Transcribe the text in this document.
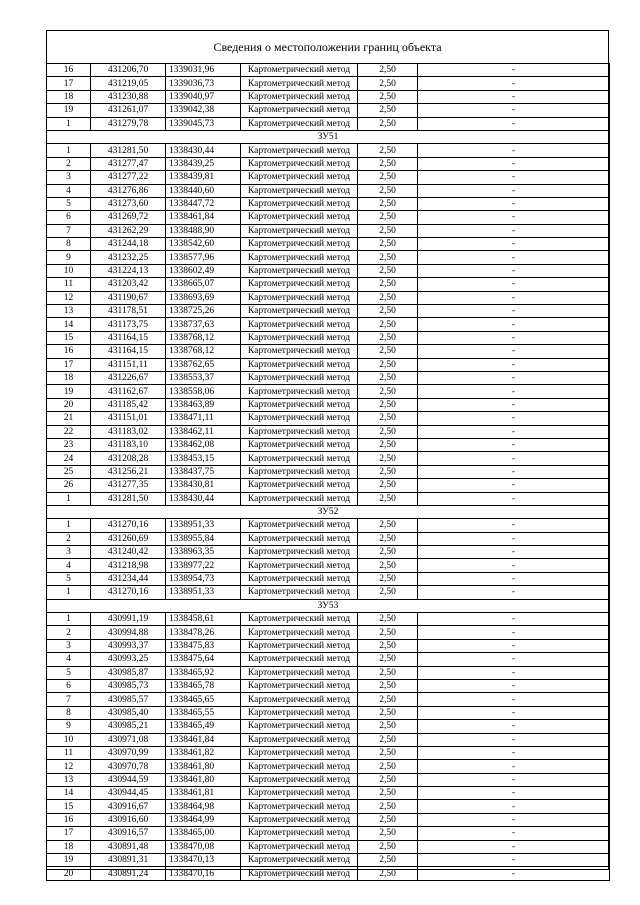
Сведения о местоположении границ объекта
16	431206,70	1339031,96	Картометрический метод	2,50	-
17	431219,05	1339036,73	Картометрический метод	2,50	-
18	431230,88	1339040,97	Картометрический метод	2,50	-
19	431261,07	1339042,38	Картометрический метод	2,50	-
1	431279,78	1339045,73	Картометрический метод	2,50	-
ЗУ51					
1	431281,50	1338430,44	Картометрический метод	2,50	-
2	431277,47	1338439,25	Картометрический метод	2,50	-
3	431277,22	1338439,81	Картометрический метод	2,50	-
4	431276,86	1338440,60	Картометрический метод	2,50	-
5	431273,60	1338447,72	Картометрический метод	2,50	-
6	431269,72	1338461,84	Картометрический метод	2,50	-
7	431262,29	1338488,90	Картометрический метод	2,50	-
8	431244,18	1338542,60	Картометрический метод	2,50	-
9	431232,25	1338577,96	Картометрический метод	2,50	-
10	431224,13	1338602,49	Картометрический метод	2,50	-
11	431203,42	1338665,07	Картометрический метод	2,50	-
12	431190,67	1338693,69	Картометрический метод	2,50	-
13	431178,51	1338725,26	Картометрический метод	2,50	-
14	431173,75	1338737,63	Картометрический метод	2,50	-
15	431164,15	1338768,12	Картометрический метод	2,50	-
16	431164,15	1338768,12	Картометрический метод	2,50	-
17	431151,11	1338762,65	Картометрический метод	2,50	-
18	431226,67	1338553,37	Картометрический метод	2,50	-
19	431162,67	1338558,06	Картометрический метод	2,50	-
20	431185,42	1338463,89	Картометрический метод	2,50	-
21	431151,01	1338471,11	Картометрический метод	2,50	-
22	431183,02	1338462,11	Картометрический метод	2,50	-
23	431183,10	1338462,08	Картометрический метод	2,50	-
24	431208,28	1338453,15	Картометрический метод	2,50	-
25	431256,21	1338437,75	Картометрический метод	2,50	-
26	431277,35	1338430,81	Картометрический метод	2,50	-
1	431281,50	1338430,44	Картометрический метод	2,50	-
ЗУ52					
1	431270,16	1338951,33	Картометрический метод	2,50	-
2	431260,69	1338955,84	Картометрический метод	2,50	-
3	431240,42	1338963,35	Картометрический метод	2,50	-
4	431218,98	1338977,22	Картометрический метод	2,50	-
5	431234,44	1338954,73	Картометрический метод	2,50	-
1	431270,16	1338951,33	Картометрический метод	2,50	-
ЗУ53					
1	430991,19	1338458,61	Картометрический метод	2,50	-
2	430994,88	1338478,26	Картометрический метод	2,50	-
3	430993,37	1338475,83	Картометрический метод	2,50	-
4	430993,25	1338475,64	Картометрический метод	2,50	-
5	430985,87	1338465,92	Картометрический метод	2,50	-
6	430985,73	1338465,78	Картометрический метод	2,50	-
7	430985,57	1338465,65	Картометрический метод	2,50	-
8	430985,40	1338465,55	Картометрический метод	2,50	-
9	430985,21	1338465,49	Картометрический метод	2,50	-
10	430971,08	1338461,84	Картометрический метод	2,50	-
11	430970,99	1338461,82	Картометрический метод	2,50	-
12	430970,78	1338461,80	Картометрический метод	2,50	-
13	430944,59	1338461,80	Картометрический метод	2,50	-
14	430944,45	1338461,81	Картометрический метод	2,50	-
15	430916,67	1338464,98	Картометрический метод	2,50	-
16	430916,60	1338464,99	Картометрический метод	2,50	-
17	430916,57	1338465,00	Картометрический метод	2,50	-
18	430891,48	1338470,08	Картометрический метод	2,50	-
19	430891,31	1338470,13	Картометрический метод	2,50	-
20	430891,24	1338470,16	Картометрический метод	2,50	-
